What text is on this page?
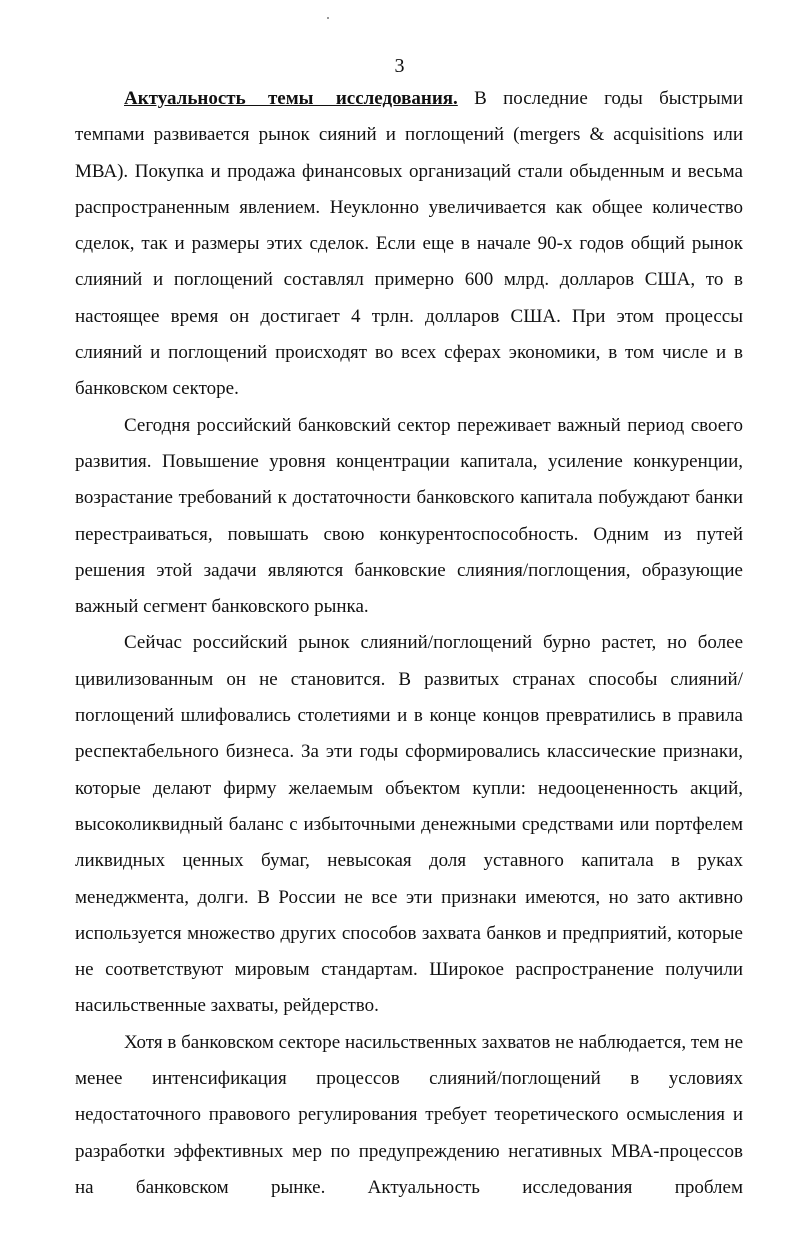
3

Актуальность темы исследования. В последние годы быстрыми темпами развивается рынок сияний и поглощений (mergers & acquisitions или МВА). Покупка и продажа финансовых организаций стали обыденным и весьма распространенным явлением. Неуклонно увеличивается как общее количество сделок, так и размеры этих сделок. Если еще в начале 90-х годов общий рынок слияний и поглощений составлял примерно 600 млрд. долларов США, то в настоящее время он достигает 4 трлн. долларов США. При этом процессы слияний и поглощений происходят во всех сферах экономики, в том числе и в банковском секторе.

Сегодня российский банковский сектор переживает важный период своего развития. Повышение уровня концентрации капитала, усиление конкуренции, возрастание требований к достаточности банковского капитала побуждают банки перестраиваться, повышать свою конкурентоспособность. Одним из путей решения этой задачи являются банковские слияния/поглощения, образующие важный сегмент банковского рынка.

Сейчас российский рынок слияний/поглощений бурно растет, но более цивилизованным он не становится. В развитых странах способы слияний/поглощений шлифовались столетиями и в конце концов превратились в правила респектабельного бизнеса. За эти годы сформировались классические признаки, которые делают фирму желаемым объектом купли: недооцененность акций, высоколиквидный баланс с избыточными денежными средствами или портфелем ликвидных ценных бумаг, невысокая доля уставного капитала в руках менеджмента, долги. В России не все эти признаки имеются, но зато активно используется множество других способов захвата банков и предприятий, которые не соответствуют мировым стандартам. Широкое распространение получили насильственные захваты, рейдерство.

Хотя в банковском секторе насильственных захватов не наблюдается, тем не менее интенсификация процессов слияний/поглощений в условиях недостаточного правового регулирования требует теоретического осмысления и разработки эффективных мер по предупреждению негативных МВА-процессов на банковском рынке. Актуальность исследования проблем
